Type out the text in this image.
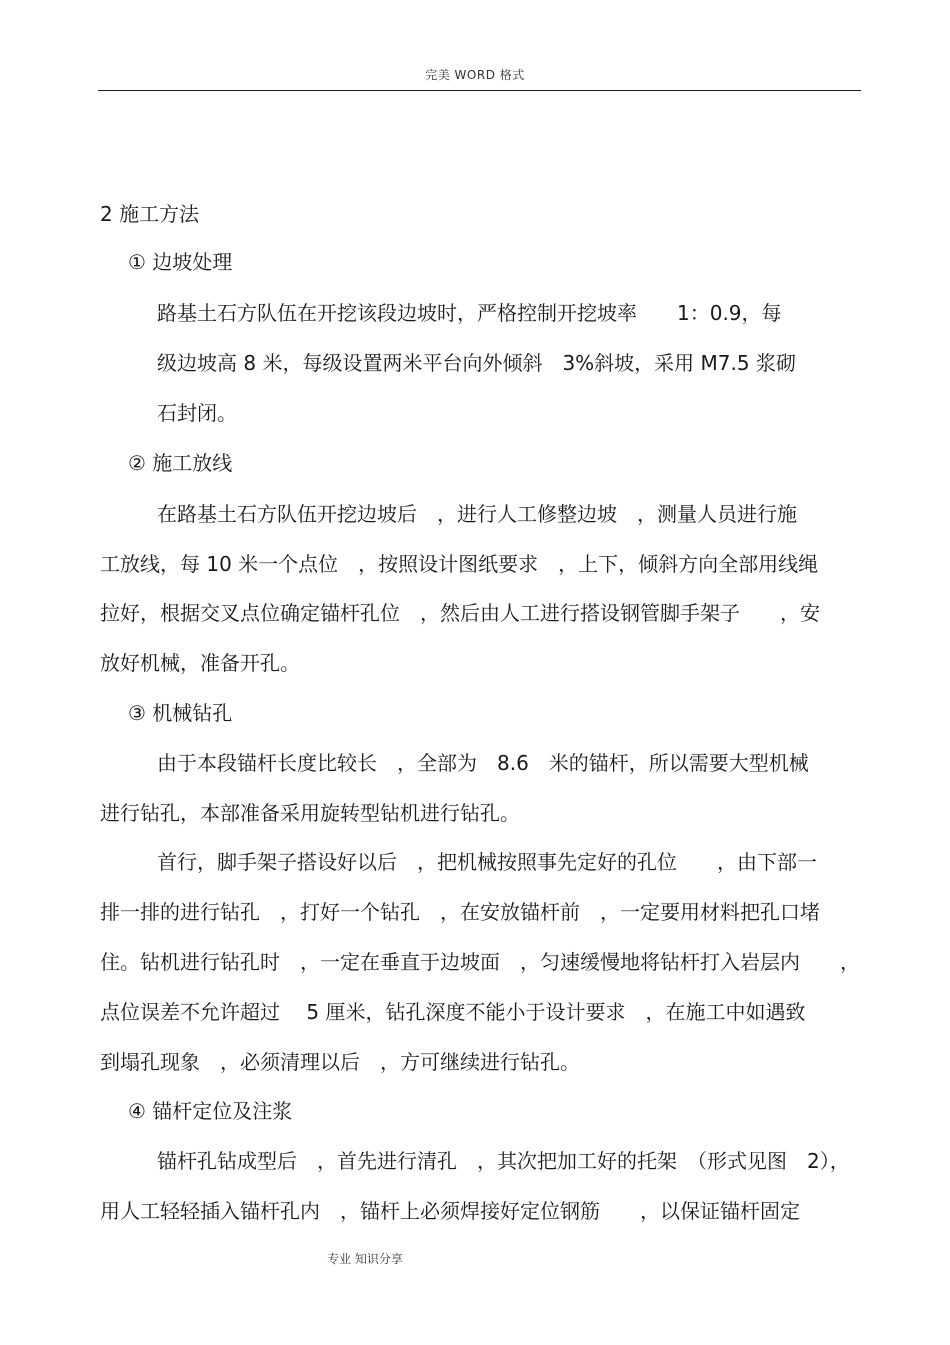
完美 WORD 格式
2 施工方法
① 边坡处理
路基土石方队伍在开挖该段边坡时，严格控制开挖坡率　　1：0.9，每
级边坡高 8 米，每级设置两米平台向外倾斜　3%斜坡，采用 M7.5 浆砌
石封闭。
② 施工放线
在路基土石方队伍开挖边坡后　，进行人工修整边坡　，测量人员进行施
工放线，每 10 米一个点位　，按照设计图纸要求　，上下，倾斜方向全部用线绳
拉好，根据交叉点位确定锚杆孔位　，然后由人工进行搭设钢管脚手架子　　，安
放好机械，准备开孔。
③ 机械钻孔
由于本段锚杆长度比较长　，全部为　8.6　米的锚杆，所以需要大型机械
进行钻孔，本部准备采用旋转型钻机进行钻孔。
首行，脚手架子搭设好以后　，把机械按照事先定好的孔位　　，由下部一
排一排的进行钻孔　，打好一个钻孔　，在安放锚杆前　，一定要用材料把孔口堵
住。钻机进行钻孔时　，一定在垂直于边坡面　，匀速缓慢地将钻杆打入岩层内　　，
点位误差不允许超过　 5 厘米，钻孔深度不能小于设计要求　，在施工中如遇致
到塌孔现象　，必须清理以后　，方可继续进行钻孔。
④ 锚杆定位及注浆
锚杆孔钻成型后　，首先进行清孔　，其次把加工好的托架　（形式见图　2），
用人工轻轻插入锚杆孔内　，锚杆上必须焊接好定位钢筋　　，以保证锚杆固定
专业 知识分享
